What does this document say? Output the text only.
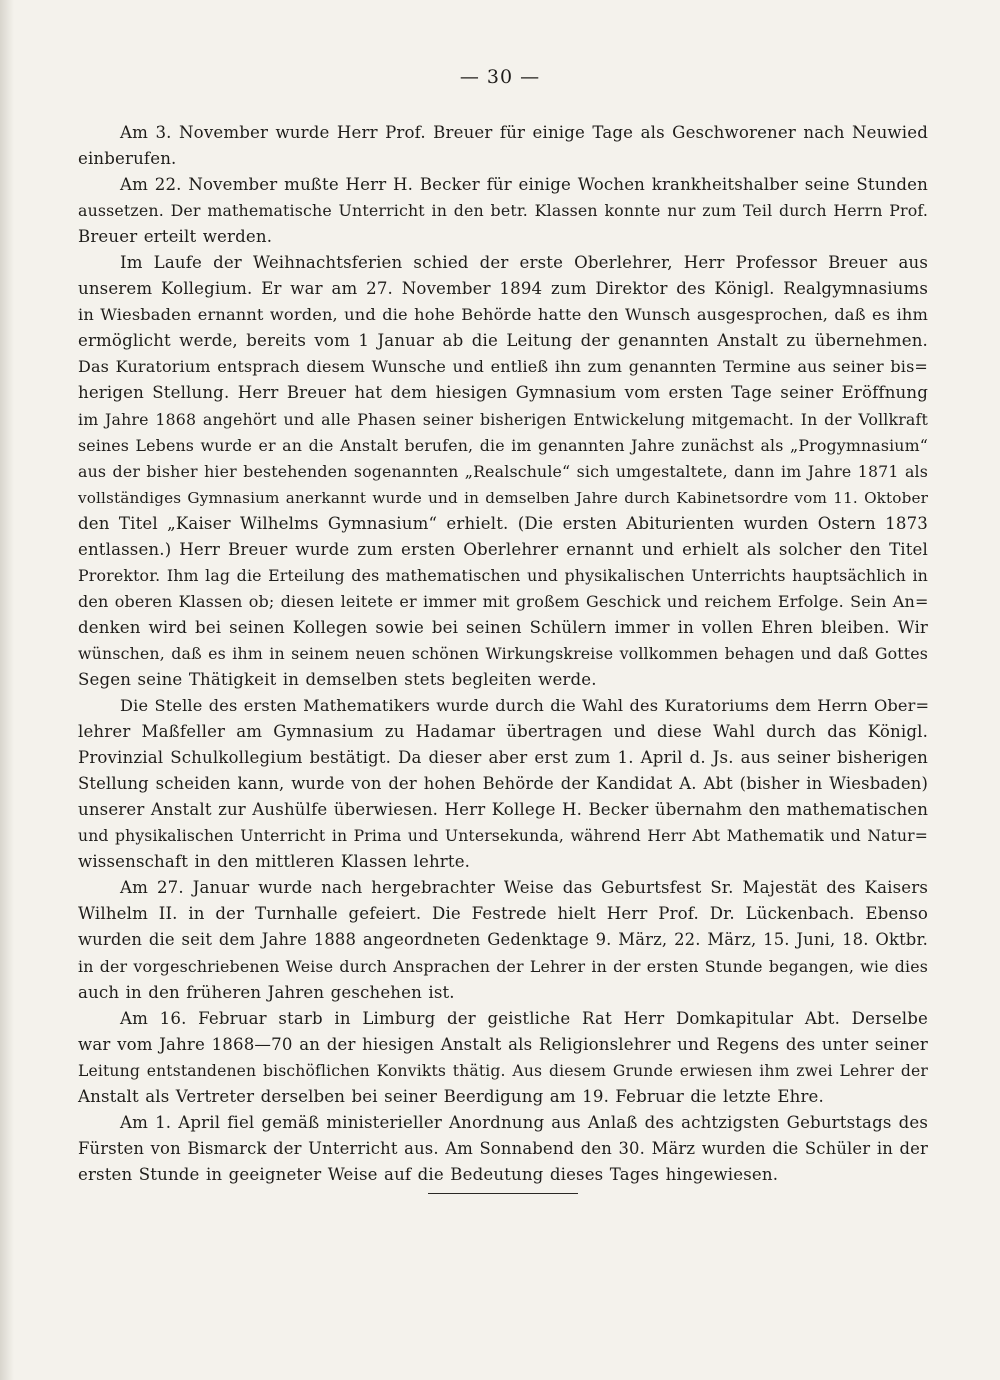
— 30 —
Am 3. November wurde Herr Prof. Breuer für einige Tage als Geschworener nach Neuwied
einberufen.
Am 22. November mußte Herr H. Becker für einige Wochen krankheitshalber seine Stunden
aussetzen. Der mathematische Unterricht in den betr. Klassen konnte nur zum Teil durch Herrn Prof.
Breuer erteilt werden.
Im Laufe der Weihnachtsferien schied der erste Oberlehrer, Herr Professor Breuer aus
unserem Kollegium. Er war am 27. November 1894 zum Direktor des Königl. Realgymnasiums
in Wiesbaden ernannt worden, und die hohe Behörde hatte den Wunsch ausgesprochen, daß es ihm
ermöglicht werde, bereits vom 1 Januar ab die Leitung der genannten Anstalt zu übernehmen.
Das Kuratorium entsprach diesem Wunsche und entließ ihn zum genannten Termine aus seiner bis=
herigen Stellung. Herr Breuer hat dem hiesigen Gymnasium vom ersten Tage seiner Eröffnung
im Jahre 1868 angehört und alle Phasen seiner bisherigen Entwickelung mitgemacht. In der Vollkraft
seines Lebens wurde er an die Anstalt berufen, die im genannten Jahre zunächst als „Progymnasium“
aus der bisher hier bestehenden sogenannten „Realschule“ sich umgestaltete, dann im Jahre 1871 als
vollständiges Gymnasium anerkannt wurde und in demselben Jahre durch Kabinetsordre vom 11. Oktober
den Titel „Kaiser Wilhelms Gymnasium“ erhielt. (Die ersten Abiturienten wurden Ostern 1873
entlassen.) Herr Breuer wurde zum ersten Oberlehrer ernannt und erhielt als solcher den Titel
Prorektor. Ihm lag die Erteilung des mathematischen und physikalischen Unterrichts hauptsächlich in
den oberen Klassen ob; diesen leitete er immer mit großem Geschick und reichem Erfolge. Sein An=
denken wird bei seinen Kollegen sowie bei seinen Schülern immer in vollen Ehren bleiben. Wir
wünschen, daß es ihm in seinem neuen schönen Wirkungskreise vollkommen behagen und daß Gottes
Segen seine Thätigkeit in demselben stets begleiten werde.
Die Stelle des ersten Mathematikers wurde durch die Wahl des Kuratoriums dem Herrn Ober=
lehrer Maßfeller am Gymnasium zu Hadamar übertragen und diese Wahl durch das Königl.
Provinzial Schulkollegium bestätigt. Da dieser aber erst zum 1. April d. Js. aus seiner bisherigen
Stellung scheiden kann, wurde von der hohen Behörde der Kandidat A. Abt (bisher in Wiesbaden)
unserer Anstalt zur Aushülfe überwiesen. Herr Kollege H. Becker übernahm den mathematischen
und physikalischen Unterricht in Prima und Untersekunda, während Herr Abt Mathematik und Natur=
wissenschaft in den mittleren Klassen lehrte.
Am 27. Januar wurde nach hergebrachter Weise das Geburtsfest Sr. Majestät des Kaisers
Wilhelm II. in der Turnhalle gefeiert. Die Festrede hielt Herr Prof. Dr. Lückenbach. Ebenso
wurden die seit dem Jahre 1888 angeordneten Gedenktage 9. März, 22. März, 15. Juni, 18. Oktbr.
in der vorgeschriebenen Weise durch Ansprachen der Lehrer in der ersten Stunde begangen, wie dies
auch in den früheren Jahren geschehen ist.
Am 16. Februar starb in Limburg der geistliche Rat Herr Domkapitular Abt. Derselbe
war vom Jahre 1868—70 an der hiesigen Anstalt als Religionslehrer und Regens des unter seiner
Leitung entstandenen bischöflichen Konvikts thätig. Aus diesem Grunde erwiesen ihm zwei Lehrer der
Anstalt als Vertreter derselben bei seiner Beerdigung am 19. Februar die letzte Ehre.
Am 1. April fiel gemäß ministerieller Anordnung aus Anlaß des achtzigsten Geburtstags des
Fürsten von Bismarck der Unterricht aus. Am Sonnabend den 30. März wurden die Schüler in der
ersten Stunde in geeigneter Weise auf die Bedeutung dieses Tages hingewiesen.
